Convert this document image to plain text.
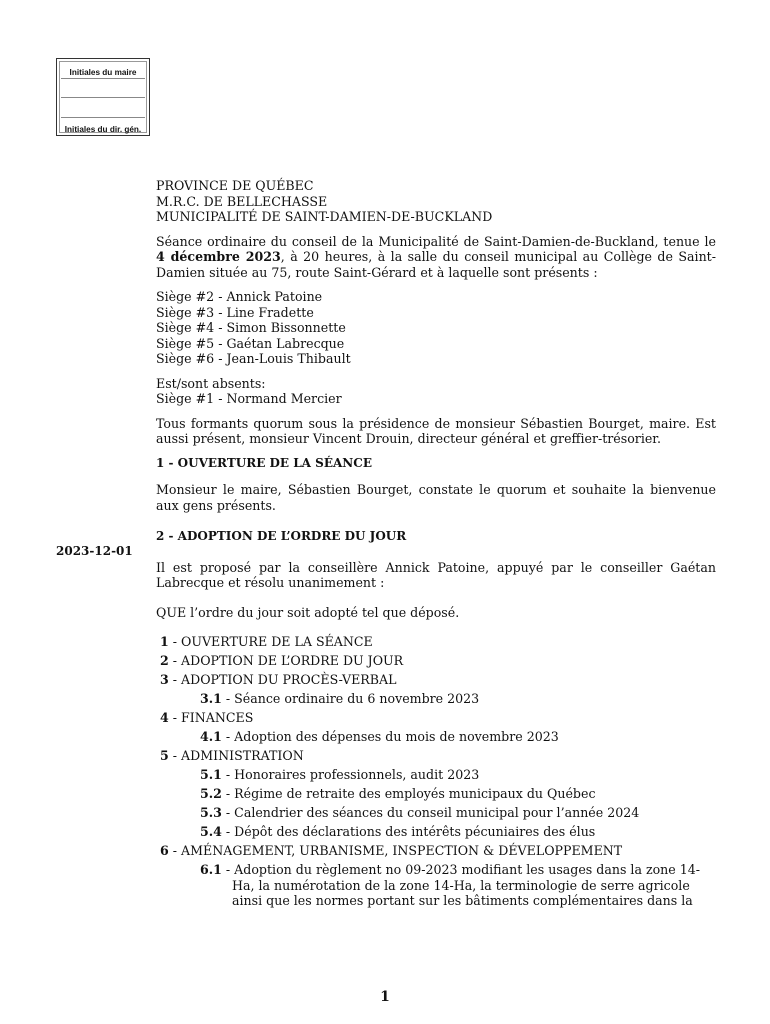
Initiales du maire
Initiales du dir. gén.
PROVINCE DE QUÉBEC
M.R.C. DE BELLECHASSE
MUNICIPALITÉ DE SAINT-DAMIEN-DE-BUCKLAND

Séance ordinaire du conseil de la Municipalité de Saint-Damien-de-Buckland, tenue le 4 décembre 2023, à 20 heures, à la salle du conseil municipal au Collège de Saint-Damien située au 75, route Saint-Gérard et à laquelle sont présents :

Siège #2 - Annick Patoine
Siège #3 - Line Fradette
Siège #4 - Simon Bissonnette
Siège #5 - Gaétan Labrecque
Siège #6 - Jean-Louis Thibault
Est/sont absents:
Siège #1 - Normand Mercier

Tous formants quorum sous la présidence de monsieur Sébastien Bourget, maire. Est aussi présent, monsieur Vincent Drouin, directeur général et greffier-trésorier.

1 - OUVERTURE DE LA SÉANCE

Monsieur le maire, Sébastien Bourget, constate le quorum et souhaite la bienvenue aux gens présents.

2 - ADOPTION DE L’ORDRE DU JOUR

Il est proposé par la conseillère Annick Patoine, appuyé par le conseiller Gaétan Labrecque et résolu unanimement :

QUE l’ordre du jour soit adopté tel que déposé.

1 - OUVERTURE DE LA SÉANCE
2 - ADOPTION DE L’ORDRE DU JOUR
3 - ADOPTION DU PROCÈS-VERBAL
3.1 - Séance ordinaire du 6 novembre 2023
4 - FINANCES
4.1 - Adoption des dépenses du mois de novembre 2023
5 - ADMINISTRATION
5.1 - Honoraires professionnels, audit 2023
5.2 - Régime de retraite des employés municipaux du Québec
5.3 - Calendrier des séances du conseil municipal pour l’année 2024
5.4 - Dépôt des déclarations des intérêts pécuniaires des élus
6 - AMÉNAGEMENT, URBANISME, INSPECTION & DÉVELOPPEMENT
6.1 - Adoption du règlement no 09-2023 modifiant les usages dans la zone 14-Ha, la numérotation de la zone 14-Ha, la terminologie de serre agricole ainsi que les normes portant sur les bâtiments complémentaires dans la
2023-12-01
1
